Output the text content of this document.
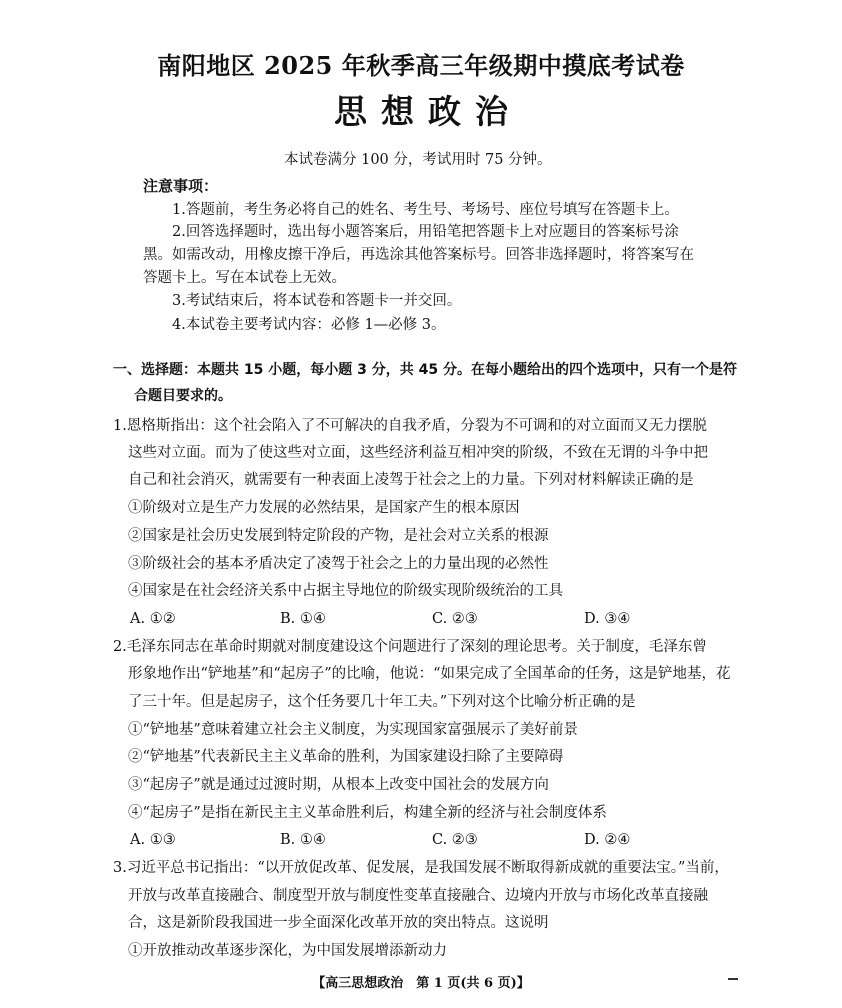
南阳地区 2025 年秋季高三年级期中摸底考试卷
思想政治
本试卷满分 100 分，考试用时 75 分钟。
注意事项：
1.答题前，考生务必将自己的姓名、考生号、考场号、座位号填写在答题卡上。
2.回答选择题时，选出每小题答案后，用铅笔把答题卡上对应题目的答案标号涂
黑。如需改动，用橡皮擦干净后，再选涂其他答案标号。回答非选择题时，将答案写在
答题卡上。写在本试卷上无效。
3.考试结束后，将本试卷和答题卡一并交回。
4.本试卷主要考试内容：必修 1—必修 3。
一、选择题：本题共 15 小题，每小题 3 分，共 45 分。在每小题给出的四个选项中，只有一个是符
合题目要求的。
1.恩格斯指出：这个社会陷入了不可解决的自我矛盾，分裂为不可调和的对立面而又无力摆脱
这些对立面。而为了使这些对立面，这些经济利益互相冲突的阶级，不致在无谓的斗争中把
自己和社会消灭，就需要有一种表面上凌驾于社会之上的力量。下列对材料解读正确的是
①阶级对立是生产力发展的必然结果，是国家产生的根本原因
②国家是社会历史发展到特定阶段的产物，是社会对立关系的根源
③阶级社会的基本矛盾决定了凌驾于社会之上的力量出现的必然性
④国家是在社会经济关系中占据主导地位的阶级实现阶级统治的工具
A. ①②	B. ①④	C. ②③	D. ③④
2.毛泽东同志在革命时期就对制度建设这个问题进行了深刻的理论思考。关于制度，毛泽东曾
形象地作出“铲地基”和“起房子”的比喻，他说：“如果完成了全国革命的任务，这是铲地基，花
了三十年。但是起房子，这个任务要几十年工夫。”下列对这个比喻分析正确的是
①“铲地基”意味着建立社会主义制度，为实现国家富强展示了美好前景
②“铲地基”代表新民主主义革命的胜利，为国家建设扫除了主要障碍
③“起房子”就是通过过渡时期，从根本上改变中国社会的发展方向
④“起房子”是指在新民主主义革命胜利后，构建全新的经济与社会制度体系
A. ①③	B. ①④	C. ②③	D. ②④
3.习近平总书记指出：“以开放促改革、促发展，是我国发展不断取得新成就的重要法宝。”当前，
开放与改革直接融合、制度型开放与制度性变革直接融合、边境内开放与市场化改革直接融
合，这是新阶段我国进一步全面深化改革开放的突出特点。这说明
①开放推动改革逐步深化，为中国发展增添新动力
【高三思想政治　第 1 页(共 6 页)】
